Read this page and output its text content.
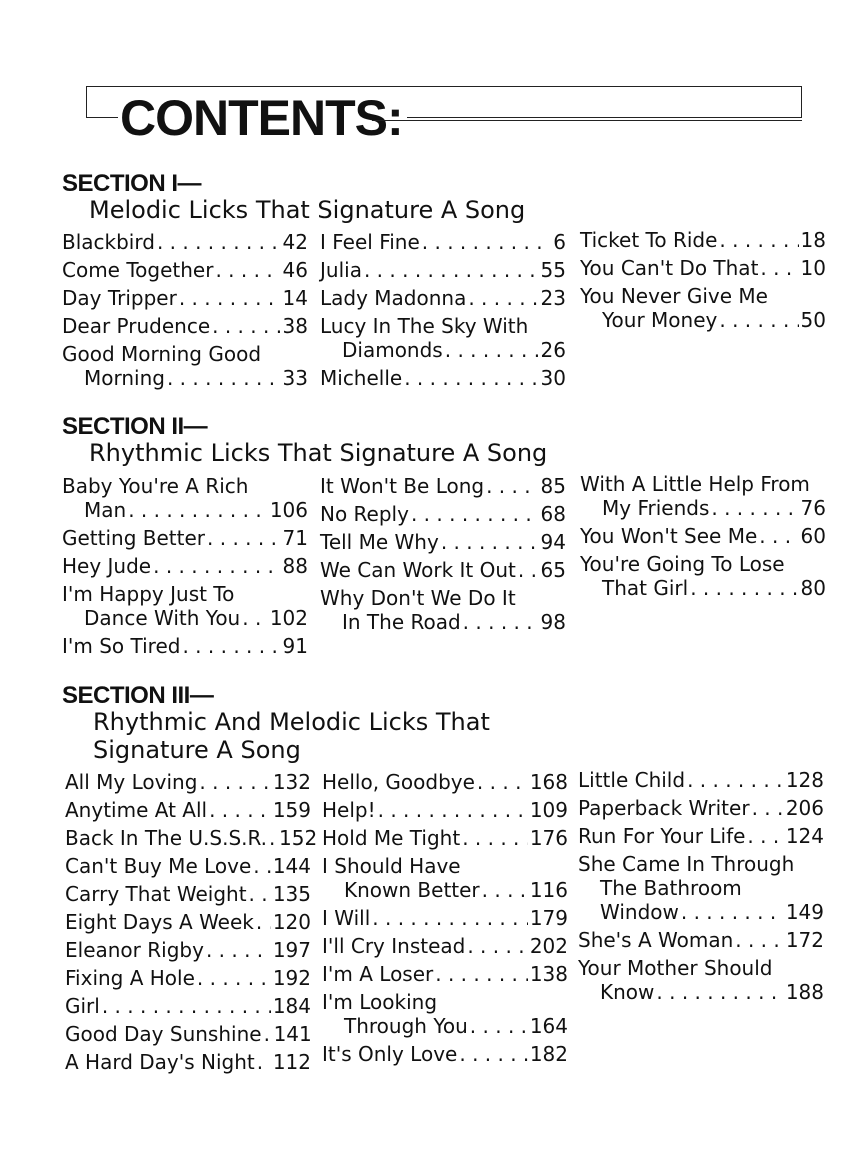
CONTENTS:
SECTION I—
Melodic Licks That Signature A Song
Blackbird . . .	42
Come Together . . .	46
Day Tripper . . .	14
Dear Prudence . . .	38
Good Morning Good
Morning . . .	33
I Feel Fine . . .	6
Julia . . .	55
Lady Madonna . . .	23
Lucy In The Sky With
Diamonds . . .	26
Michelle . . .	30
Ticket To Ride . . .	18
You Can't Do That . . . 10
You Never Give Me
Your Money . . .	50
SECTION II—
Rhythmic Licks That Signature A Song
Baby You're A Rich
Man . . .	106
Getting Better . . .	71
Hey Jude . . .	88
I'm Happy Just To
Dance With You . . . 102
I'm So Tired . . .	91
It Won't Be Long . . .	85
No Reply . . .	68
Tell Me Why . . .	94
We Can Work It Out . . . 65
Why Don't We Do It
In The Road . . .	98
With A Little Help From
My Friends . . .	76
You Won't See Me . . . 60
You're Going To Lose
That Girl . . .	80
SECTION III—
Rhythmic And Melodic Licks That
Signature A Song
All My Loving . . .	132
Anytime At All . . .	159
Back In The U.S.S.R. . . . 152
Can't Buy Me Love . . . 144
Carry That Weight . . . 135
Eight Days A Week . . . 120
Eleanor Rigby . . .	197
Fixing A Hole . . .	192
Girl . . .	184
Good Day Sunshine . . . 141
A Hard Day's Night . . . 112
Hello, Goodbye . . .	168
Help! . . .	109
Hold Me Tight . . .	176
I Should Have
Known Better . . .	116
I Will . . .	179
I'll Cry Instead . . .	202
I'm A Loser . . .	138
I'm Looking
Through You . . .	164
It's Only Love . . .	182
Little Child . . .	128
Paperback Writer . . . 206
Run For Your Life . . . 124
She Came In Through
The Bathroom
Window . . .	149
She's A Woman . . .	172
Your Mother Should
Know . . .	188
